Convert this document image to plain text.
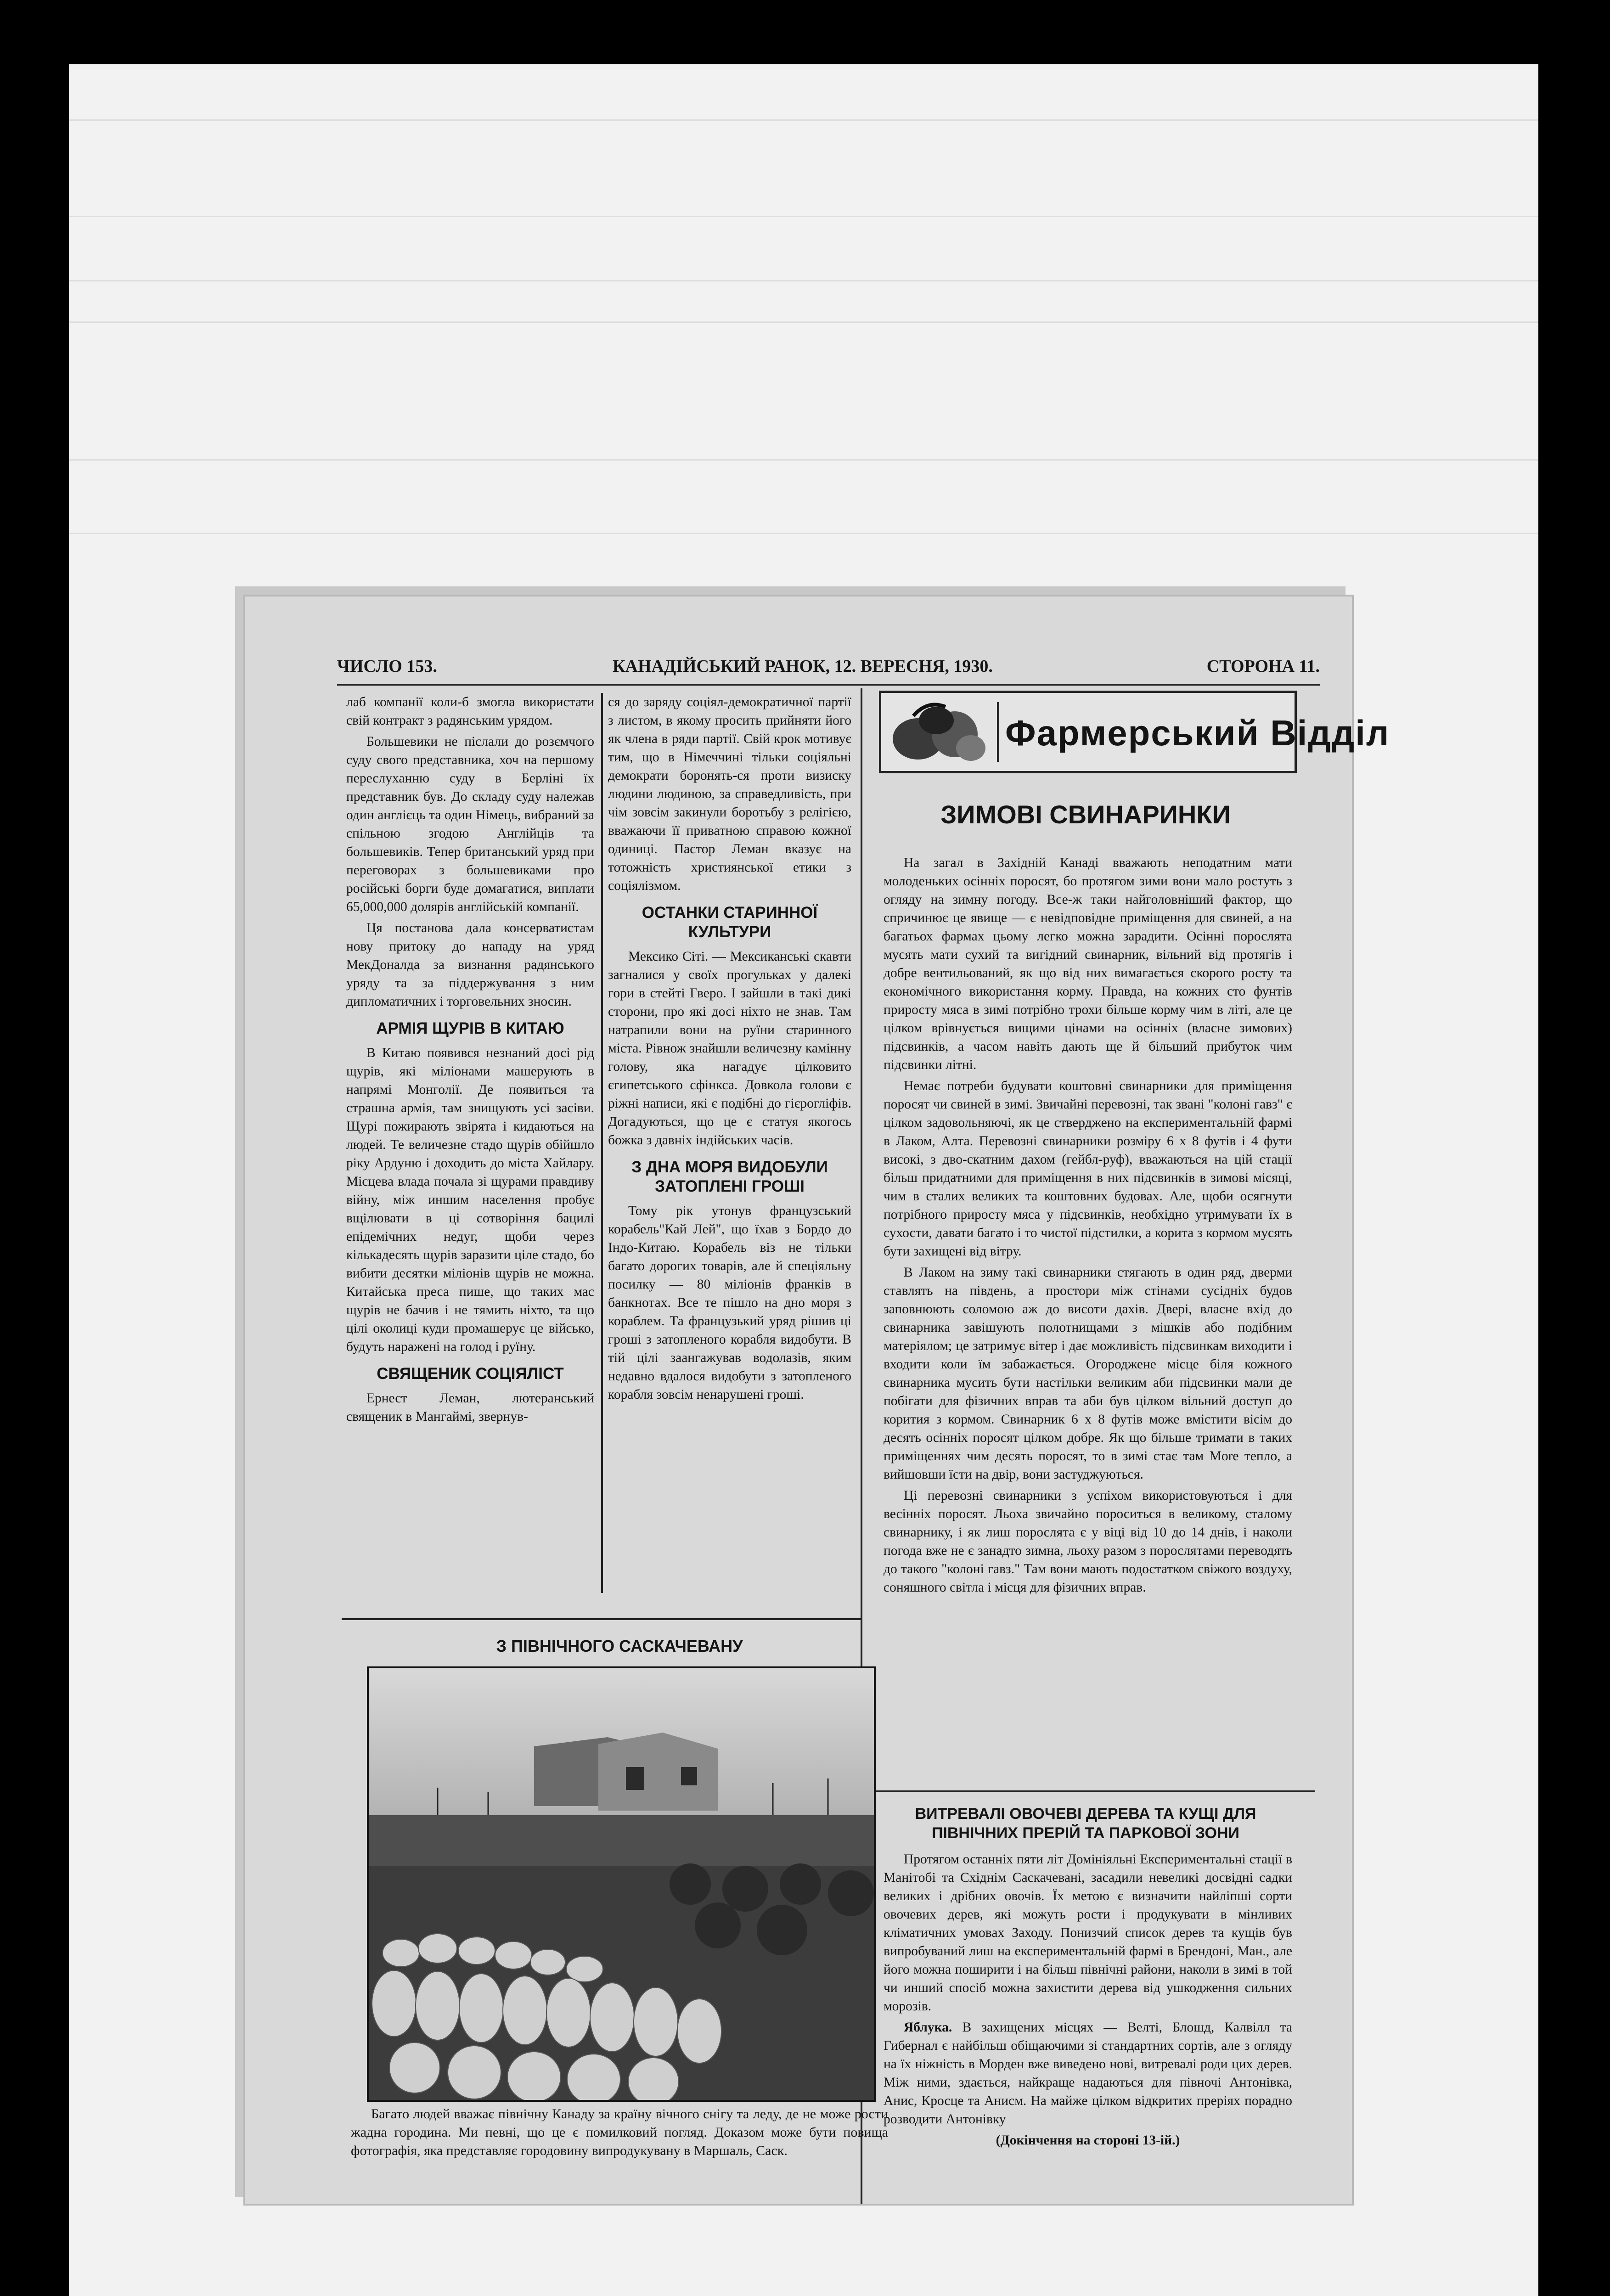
ЧИСЛО 153.	КАНАДІЙСЬКИЙ РАНОК, 12. ВЕРЕСНЯ, 1930.	СТОРОНА 11.

лаб компанії коли-б змогла використати свій контракт з радянським урядом.

Большевики не післали до розємчого суду свого представника, хоч на першому переслуханню суду в Берліні їх представник був. До складу суду належав один англієць та один Німець, вибраний за спільною згодою Англійців та большевиків. Тепер британський уряд при переговорах з большевиками про російські борги буде домагатися, виплати 65,000,000 долярів англійській компанії.

Ця постанова дала консерватистам нову притоку до нападу на уряд МекДоналда за визнання радянського уряду та за піддержування з ним дипломатичних і торговельних зносин.

АРМІЯ ЩУРІВ В КИТАЮ

В Китаю появився незнаний досі рід щурів, які міліонами машерують в напрямі Монголії. Де появиться та страшна армія, там знищують усі засіви. Щурі пожирають звірята і кидаються на людей. Те величезне стадо щурів обійшло ріку Ардуню і доходить до міста Хайлару. Місцева влада почала зі щурами правдиву війну, між иншим населення пробує вщілювати в ці сотворіння бацилі епідемічних недуг, щоби через кількадесять щурів заразити ціле стадо, бо вибити десятки міліонів щурів не можна. Китайська преса пише, що таких мас щурів не бачив і не тямить ніхто, та що цілі околиці куди промашерує це військо, будуть наражені на голод і руїну.

СВЯЩЕНИК СОЦІЯЛІСТ

Ернест Леман, лютеранський священик в Мангаймі, звернув-

ся до заряду соціял-демократичної партії з листом, в якому просить прийняти його як члена в ряди партії. Свій крок мотивує тим, що в Німеччині тільки соціяльні демократи боронять-ся проти визиску людини людиною, за справедливість, при чім зовсім закинули боротьбу з релігією, вважаючи її приватною справою кожної одиниці. Пастор Леман вказує на тотожність християнської етики з соціялізмом.

ОСТАНКИ СТАРИННОЇ КУЛЬТУРИ

Мексико Сіті. — Мексиканські скавти загналися у своїх прогульках у далекі гори в стейті Гверо. І зайшли в такі дикі сторони, про які досі ніхто не знав. Там натрапили вони на руїни старинного міста. Рівнож знайшли величезну камінну голову, яка нагадує цілковито єгипетського сфінкса. Довкола голови є ріжні написи, які є подібні до гієрогліфів. Догадуються, що це є статуя якогось божка з давніх індійських часів.

З ДНА МОРЯ ВИДОБУЛИ ЗАТОПЛЕНІ ГРОШІ

Тому рік утонув французський корабель"Кай Лей", що їхав з Бордо до Індо-Китаю. Корабель віз не тільки багато дорогих товарів, але й спеціяльну посилку — 80 міліонів франків в банкнотах. Все те пішло на дно моря з кораблем. Та французький уряд рішив ці гроші з затопленого корабля видобути. В тій цілі заангажував водолазів, яким недавно вдалося видобути з затопленого корабля зовсім ненарушені гроші.

Фармерський Відділ
ЗИМОВІ СВИНАРИНКИ

На загал в Західній Канаді вважають неподатним мати молоденьких осінніх поросят, бо протягом зими вони мало ростуть з огляду на зимну погоду. Все-ж таки найголовніший фактор, що спричинює це явище — є невідповідне приміщення для свиней, а на багатьох фармах цьому легко можна зарадити. Осінні порослята мусять мати сухий та вигідний свинарник, вільний від протягів і добре вентильований, як що від них вимагається скорого росту та економічного використання корму. Правда, на кожних сто фунтів приросту мяса в зимі потрібно трохи більше корму чим в літі, але це цілком врівнується вищими цінами на осінніх (власне зимових) підсвинків, а часом навіть дають ще й більший прибуток чим підсвинки літні.

Немає потреби будувати коштовні свинарники для приміщення поросят чи свиней в зимі. Звичайні перевозні, так звані "колоні гавз" є цілком задовольняючі, як це стверджено на експериментальній фармі в Лаком, Алта. Перевозні свинарники розміру 6 х 8 футів і 4 фути високі, з дво-скатним дахом (гейбл-руф), вважаються на цій стації більш придатними для приміщення в них підсвинків в зимові місяці, чим в сталих великих та коштовних будовах. Але, щоби осягнути потрібного приросту мяса у підсвинків, необхідно утримувати їх в сухости, давати багато і то чистої підстилки, а корита з кормом мусять бути захищені від вітру.

В Лаком на зиму такі свинарники стягають в один ряд, дверми ставлять на південь, а простори між стінами сусідніх будов заповнюють соломою аж до висоти дахів. Двері, власне вхід до свинарника завішують полотнищами з мішків або подібним матеріялом; це затримує вітер і дає можливість підсвинкам виходити і входити коли їм забажається. Огороджене місце біля кожного свинарника мусить бути настільки великим аби підсвинки мали де побігати для фізичних вправ та аби був цілком вільний доступ до корития з кормом. Свинарник 6 х 8 футів може вмістити вісім до десять осінніх поросят цілком добре. Як що більше тримати в таких приміщеннях чим десять поросят, то в зимі стає там More тепло, а вийшовши їсти на двір, вони застуджуються.

Ці перевозні свинарники з успіхом використовуються і для весінніх поросят. Льоха звичайно пороситься в великому, сталому свинарнику, і як лиш порослята є у віці від 10 до 14 днів, і наколи погода вже не є занадто зимна, льоху разом з порослятами переводять до такого "колоні гавз." Там вони мають подостатком свіжого воздуху, соняшного світла і місця для фізичних вправ.

ВИТРЕВАЛІ ОВОЧЕВІ ДЕРЕВА ТА КУЩІ ДЛЯ ПІВНІЧНИХ ПРЕРІЙ ТА ПАРКОВОЇ ЗОНИ

Протягом останніх пяти літ Домініяльні Експериментальні стації в Манітобі та Східнім Саскачевані, засадили невеликі досвідні садки великих і дрібних овочів. Їх метою є визначити найліпші сорти овочевих дерев, які можуть рости і продукувати в мінливих кліматичних умовах Заходу. Понизчий список дерев та кущів був випробуваний лиш на експериментальній фармі в Брендоні, Ман., але його можна поширити і на більш північні райони, наколи в зимі в той чи инший спосіб можна захистити дерева від ушкодження сильних морозів.

Яблука. В захищених місцях — Велті, Блошд, Калвілл та Гибернал є найбільш обіщаючими зі стандартних сортів, але з огляду на їх ніжність в Морден вже виведено нові, витревалі роди цих дерев. Між ними, здається, найкраще надаються для півночі Антонівка, Анис, Кросце та Анисм. На майже цілком відкритих преріях порадно розводити Антонівку

(Докінчення на стороні 13-ій.)

З ПІВНІЧНОГО САСКАЧЕВАНУ

Багато людей вважає північну Канаду за країну вічного снігу та леду, де не може рости жадна городина. Ми певні, що це є помилковий погляд. Доказом може бути повища фотографія, яка представляє городовину випродукувану в Маршаль, Саск.
